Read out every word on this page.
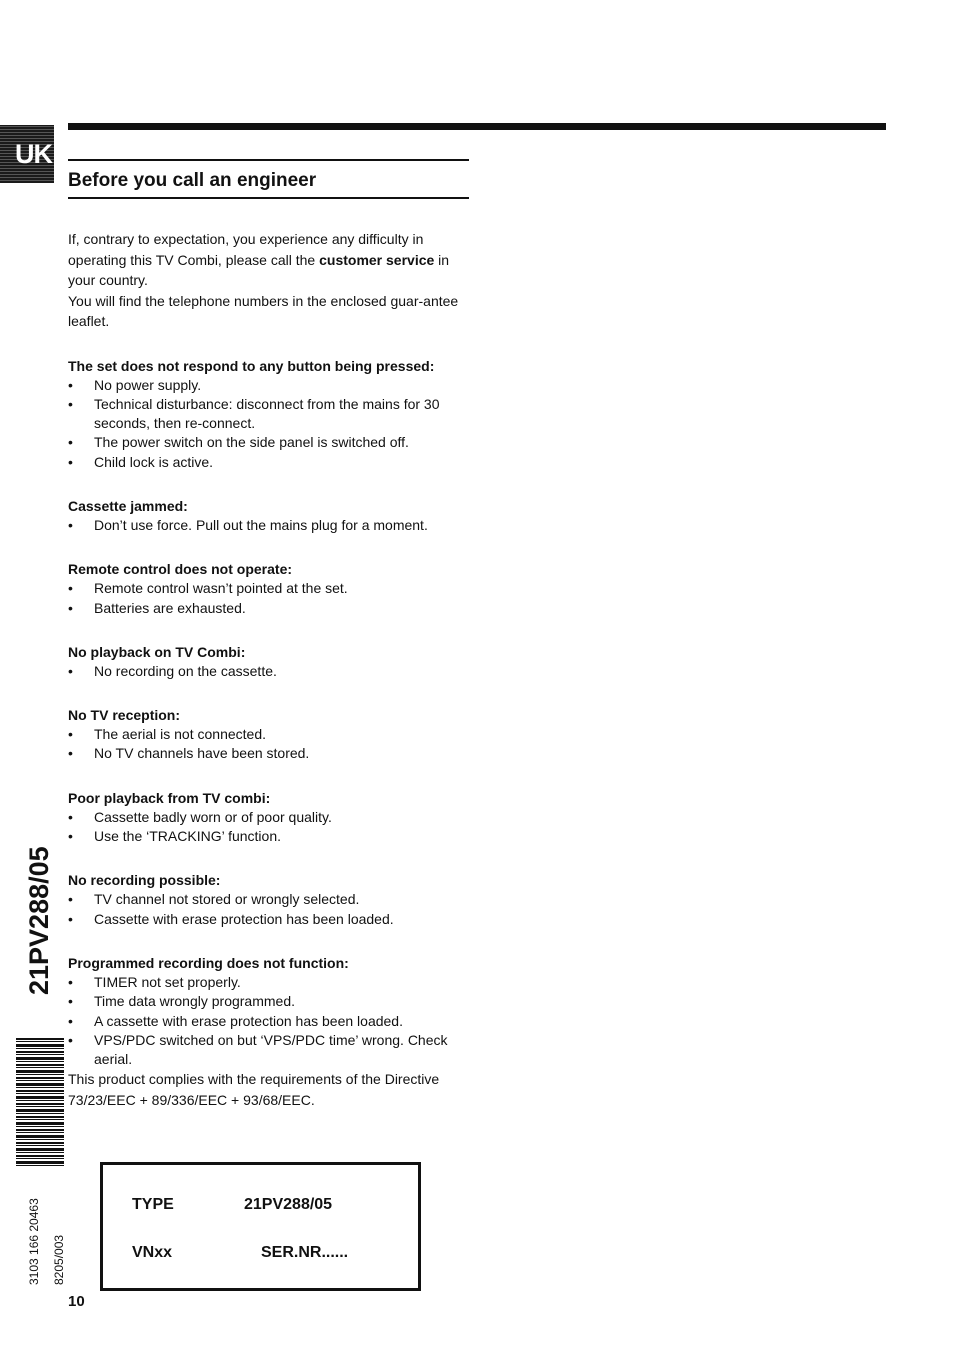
UK
Before you call an engineer

If, contrary to expectation, you experience any difficulty in operating this TV Combi, please call the customer service in your country.

You will find the telephone numbers in the enclosed guar-antee leaflet.

The set does not respond to any button being pressed:
• No power supply.
• Technical disturbance: disconnect from the mains for 30 seconds, then re-connect.
• The power switch on the side panel is switched off.
• Child lock is active.
Cassette jammed:
• Don’t use force. Pull out the mains plug for a moment.
Remote control does not operate:
• Remote control wasn’t pointed at the set.
• Batteries are exhausted.
No playback on TV Combi:
• No recording on the cassette.
No TV reception:
• The aerial is not connected.
• No TV channels have been stored.
Poor playback from TV combi:
• Cassette badly worn or of poor quality.
• Use the ‘TRACKING’ function.
No recording possible:
• TV channel not stored or wrongly selected.
• Cassette with erase protection has been loaded.
Programmed recording does not function:
• TIMER not set properly.
• Time data wrongly programmed.
• A cassette with erase protection has been loaded.
• VPS/PDC switched on but ‘VPS/PDC time’ wrong. Check aerial.

This product complies with the requirements of the Directive 73/23/EEC + 89/336/EEC + 93/68/EEC.

TYPE	21PV288/05
VNxx	SER.NR......
10
21PV288/05
3103 166 20463 8205/003
